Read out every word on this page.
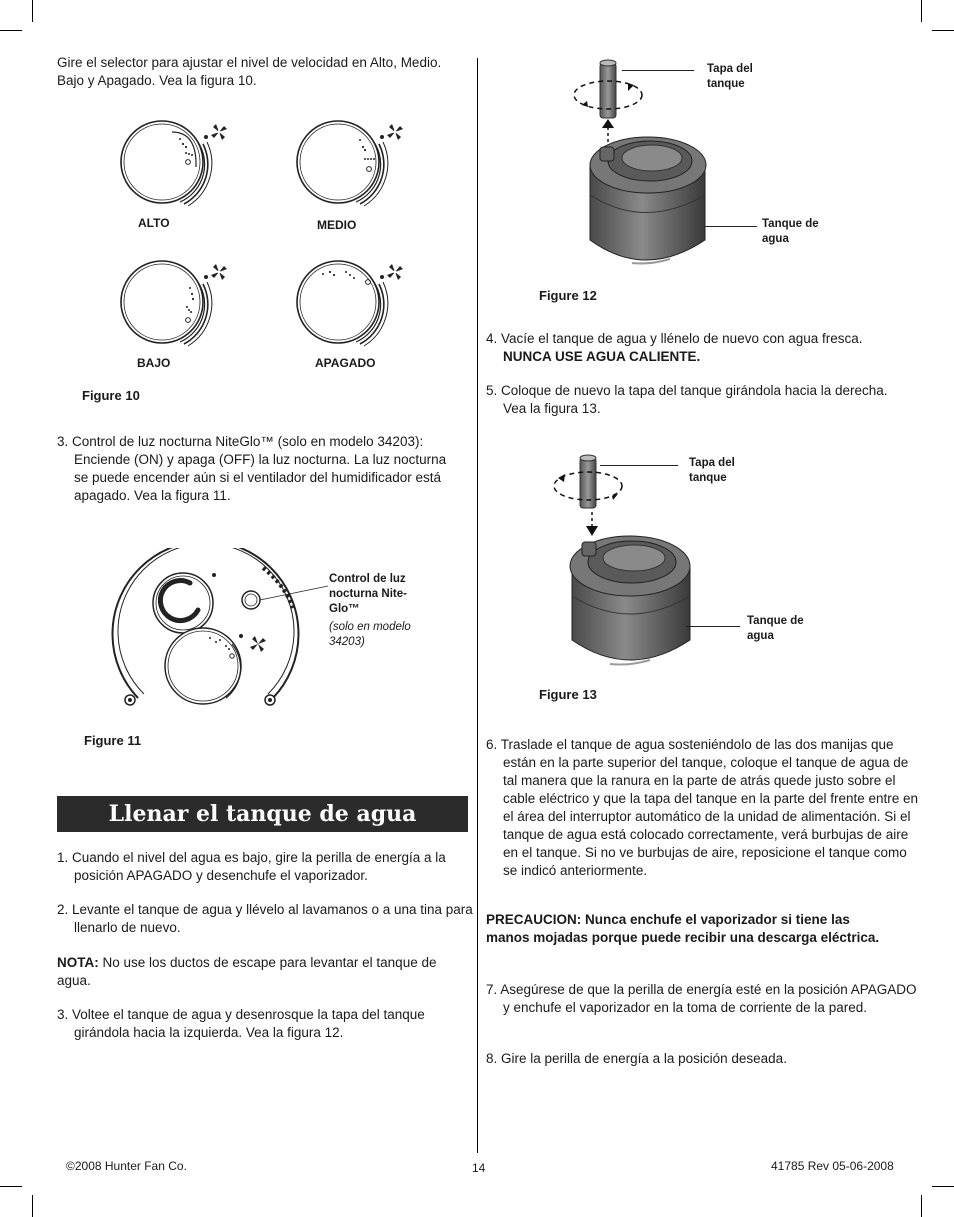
Gire el selector para ajustar el nivel de velocidad en Alto, Medio. Bajo y Apagado. Vea la figura 10.
ALTO	MEDIO
BAJO	APAGADO
Figure 10
3. Control de luz nocturna NiteGlo™ (solo en modelo 34203):
Enciende (ON) y apaga (OFF) la luz nocturna. La luz nocturna se puede encender aún si el ventilador del humidificador está apagado. Vea la figura 11.
Control de luz nocturna Nite-Glo™
(solo en modelo 34203)
Figure 11
Llenar el tanque de agua
1. Cuando el nivel del agua es bajo, gire la perilla de energía a la posición APAGADO y desenchufe el vaporizador.
2. Levante el tanque de agua y llévelo al lavamanos o a una tina para llenarlo de nuevo.
NOTA: No use los ductos de escape para levantar el tanque de agua.
3. Voltee el tanque de agua y desenrosque la tapa del tanque girándola hacia la izquierda. Vea la figura 12.
Tapa del tanque
Tanque de agua
Figure 12
4. Vacíe el tanque de agua y llénelo de nuevo con agua fresca.
NUNCA USE AGUA CALIENTE.
5. Coloque de nuevo la tapa del tanque girándola hacia la derecha. Vea la figura 13.
Tapa del tanque
Tanque de agua
Figure 13
6. Traslade el tanque de agua sosteniéndolo de las dos manijas que están en la parte superior del tanque, coloque el tanque de agua de tal manera que la ranura en la parte de atrás quede justo sobre el cable eléctrico y que la tapa del tanque en la parte del frente entre en el área del interruptor automático de la unidad de alimentación. Si el tanque de agua está colocado correctamente, verá burbujas de aire en el tanque. Si no ve burbujas de aire, reposicione el tanque como se indicó anteriormente.
PRECAUCION: Nunca enchufe el vaporizador si tiene las manos mojadas porque puede recibir una descarga eléctrica.
7. Asegúrese de que la perilla de energía esté en la posición APAGADO y enchufe el vaporizador en la toma de corriente de la pared.
8. Gire la perilla de energía a la posición deseada.
©2008 Hunter Fan Co.	14	41785 Rev 05-06-2008
